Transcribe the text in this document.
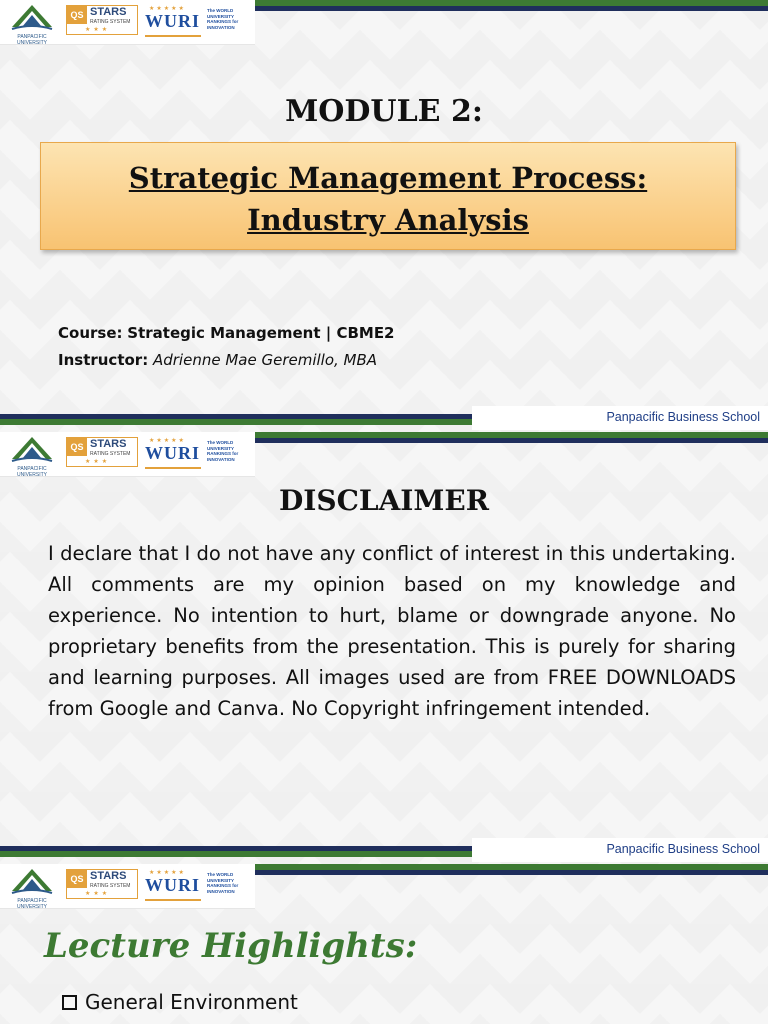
PANPACIFIC UNIVERSITY
QS STARS
RATING SYSTEM
★★★
★★★★★
WURI
The WORLD UNIVERSITY RANKINGS for INNOVATION
MODULE 2:
Strategic Management Process:
Industry Analysis
Course: Strategic Management | CBME2
Instructor: Adrienne Mae Geremillo, MBA
Panpacific Business School
PANPACIFIC UNIVERSITY
QS STARS
RATING SYSTEM
★★★
★★★★★
WURI
The WORLD UNIVERSITY RANKINGS for INNOVATION
DISCLAIMER
I declare that I do not have any conflict of interest in this undertaking. All comments are my opinion based on my knowledge and experience. No intention to hurt, blame or downgrade anyone. No proprietary benefits from the presentation. This is purely for sharing and learning purposes. All images used are from FREE DOWNLOADS from Google and Canva. No Copyright infringement intended.
Panpacific Business School
PANPACIFIC UNIVERSITY
QS STARS
RATING SYSTEM
★★★
★★★★★
WURI
The WORLD UNIVERSITY RANKINGS for INNOVATION
Lecture Highlights:
General Environment
